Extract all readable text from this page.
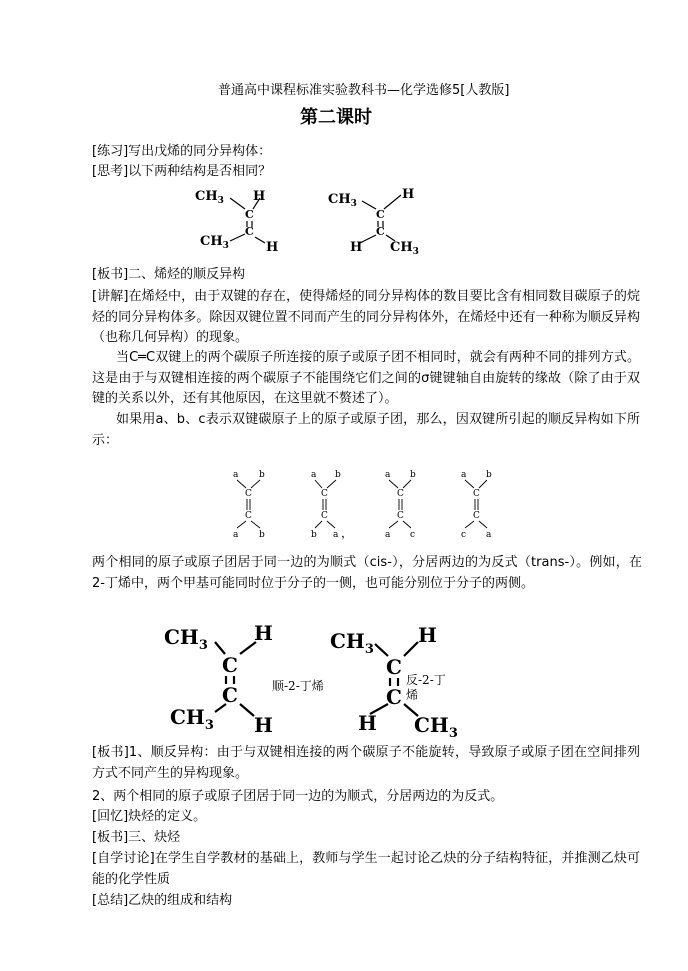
普通高中课程标准实验教科书—化学选修5[人教版]
第二课时
[练习]写出戊烯的同分异构体：
[思考]以下两种结构是否相同？
$CH_3$ H
C
C
$CH_3$	H
$CH_3$
H
C
C
H $CH_3$
[板书]二、烯烃的顺反异构
[讲解]在烯烃中，由于双键的存在，使得烯烃的同分异构体的数目要比含有相同数目碳原子的烷烃的同分异构体多。除因双键位置不同而产生的同分异构体外，在烯烃中还有一种称为顺反异构（也称几何异构）的现象。
当C═C双键上的两个碳原子所连接的原子或原子团不相同时，就会有两种不同的排列方式。这是由于与双键相连接的两个碳原子不能围绕它们之间的σ键键轴自由旋转的缘故（除了由于双键的关系以外，还有其他原因，在这里就不赘述了）。
如果用a、b、c表示双键碳原子上的原子或原子团，那么，因双键所引起的顺反异构如下所示：
a b
C
C
a b
a b
C
C
b a ，
a b
C
C
a c
a b
C
C
c a
两个相同的原子或原子团居于同一边的为顺式（cis-），分居两边的为反式（trans-）。例如，在2-丁烯中，两个甲基可能同时位于分子的一侧，也可能分别位于分子的两侧。
$CH_3$
H
C
C
$CH_3$ H
$CH_3$
H
C
C
H $CH_3$
顺-2-丁烯	反-2-丁
烯
[板书]1、顺反异构：由于与双键相连接的两个碳原子不能旋转，导致原子或原子团在空间排列方式不同产生的异构现象。
2、两个相同的原子或原子团居于同一边的为顺式，分居两边的为反式。
[回忆]炔烃的定义。
[板书]三、炔烃
[自学讨论]在学生自学教材的基础上，教师与学生一起讨论乙炔的分子结构特征，并推测乙炔可能的化学性质
[总结]乙炔的组成和结构
